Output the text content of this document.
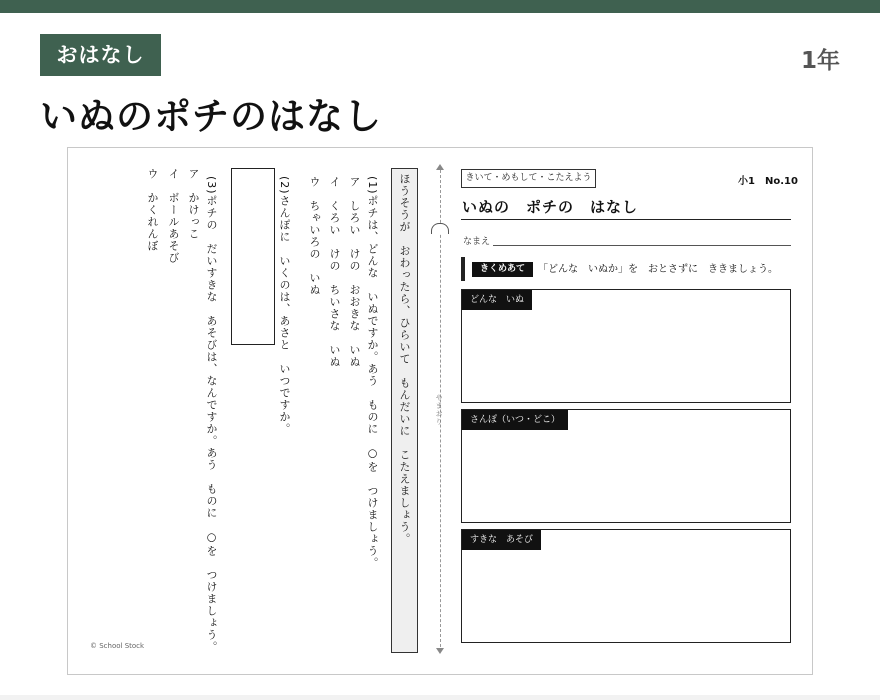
おはなし	1年
いぬのポチのはなし
ほうそうが　おわったら、ひらいて　もんだいに　こたえましょう。
(1)ポチは、どんな　いぬですか。あう　ものに　○を　つけましょう。
ア　しろい　けの　おおきな　いぬ
イ　くろい　けの　ちいさな　いぬ
ウ　ちゃいろの　いぬ
(2)さんぽに　いくのは、あさと　いつですか。
(3)ポチの　だいすきな　あそびは、なんですか。あう　ものに　○を　つけましょう。
ア　かけっこ
イ　ボールあそび
ウ　かくれんぼ
© School Stock
やまおり
きいて・めもして・こたえよう	小1　No.10
いぬの　ポチの　はなし
なまえ
きくめあて	「どんな　いぬか」を　おとさずに　ききましょう。
どんな　いぬ
さんぽ（いつ・どこ）
すきな　あそび
